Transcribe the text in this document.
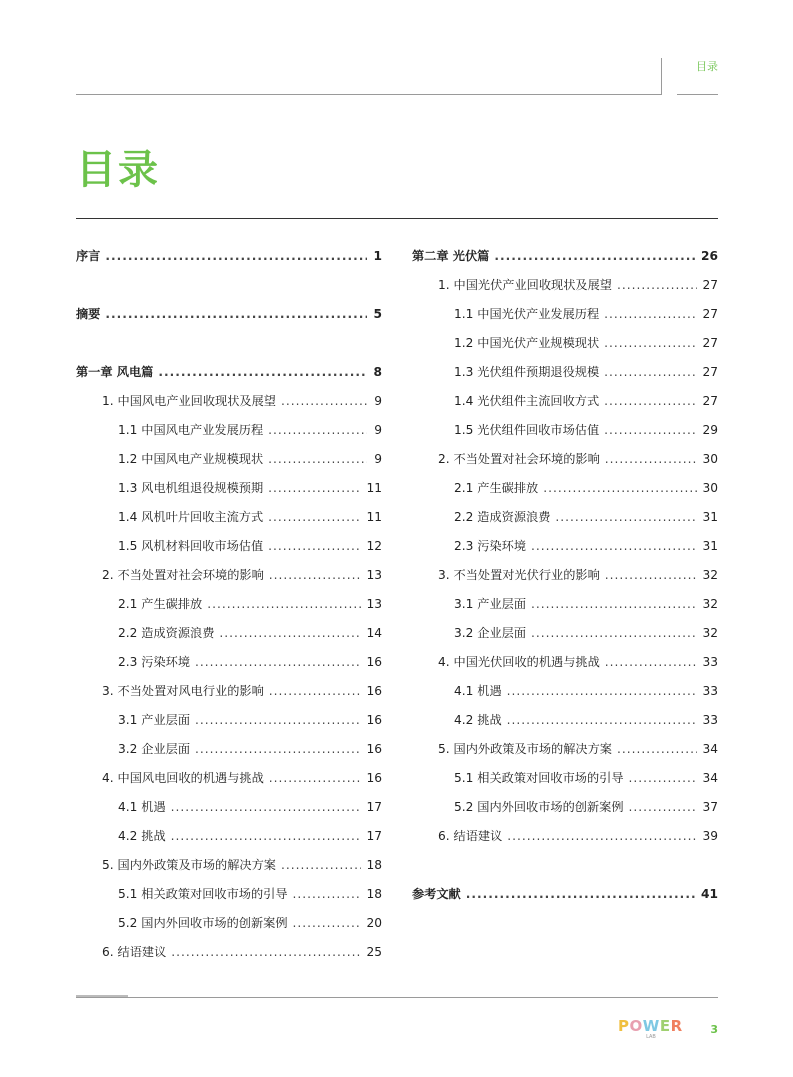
目录
目录
序言 .....	1
摘要 .....	5
第一章 风电篇 .....	8
1. 中国风电产业回收现状及展望 .....	9
1.1 中国风电产业发展历程 .....	9
1.2 中国风电产业规模现状 .....	9
1.3 风电机组退役规模预期 .....	11
1.4 风机叶片回收主流方式 .....	11
1.5 风机材料回收市场估值 .....	12
2. 不当处置对社会环境的影响 .....	13
2.1 产生碳排放 .....	13
2.2 造成资源浪费 .....	14
2.3 污染环境 .....	16
3. 不当处置对风电行业的影响 .....	16
3.1 产业层面 .....	16
3.2 企业层面 .....	16
4. 中国风电回收的机遇与挑战 .....	16
4.1 机遇 .....	17
4.2 挑战 .....	17
5. 国内外政策及市场的解决方案 .....	18
5.1 相关政策对回收市场的引导 .....	18
5.2 国内外回收市场的创新案例 .....	20
6. 结语建议 .....	25
第二章 光伏篇 .....	26
1. 中国光伏产业回收现状及展望 .....	27
1.1 中国光伏产业发展历程 .....	27
1.2 中国光伏产业规模现状 .....	27
1.3 光伏组件预期退役规模 .....	27
1.4 光伏组件主流回收方式 .....	27
1.5 光伏组件回收市场估值 .....	29
2. 不当处置对社会环境的影响 .....	30
2.1 产生碳排放 .....	30
2.2 造成资源浪费 .....	31
2.3 污染环境 .....	31
3. 不当处置对光伏行业的影响 .....	32
3.1 产业层面 .....	32
3.2 企业层面 .....	32
4. 中国光伏回收的机遇与挑战 .....	33
4.1 机遇 .....	33
4.2 挑战 .....	33
5. 国内外政策及市场的解决方案 .....	34
5.1 相关政策对回收市场的引导 .....	34
5.2 国内外回收市场的创新案例 .....	37
6. 结语建议 .....	39
参考文献 .....	41
POWER
LAB
3
